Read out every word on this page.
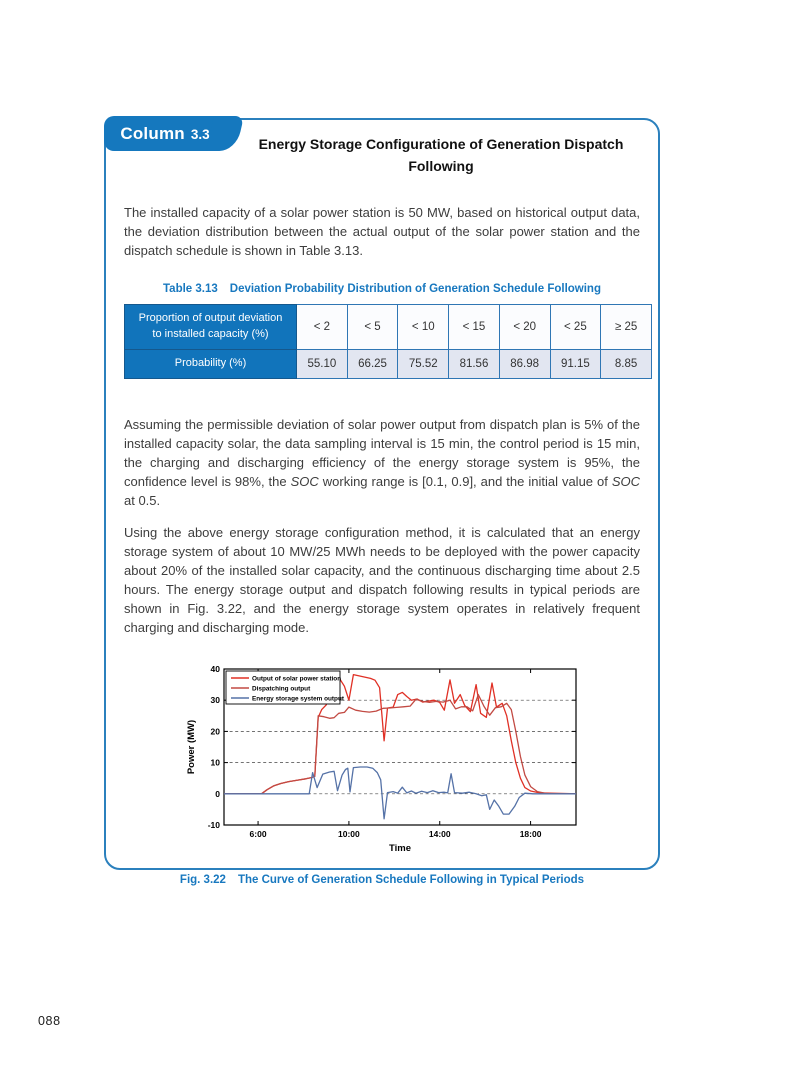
Column 3.3
Energy Storage Configuratione of Generation Dispatch
Following

The installed capacity of a solar power station is 50 MW, based on historical output data, the deviation distribution between the actual output of the solar power station and the dispatch schedule is shown in Table 3.13.

Table 3.13 Deviation Probability Distribution of Generation Schedule Following
Proportion of output deviation to installed capacity (%)	< 2	< 5	< 10	< 15	< 20	< 25	≥ 25
Probability (%)	55.10	66.25	75.52	81.56	86.98	91.15	8.85

Assuming the permissible deviation of solar power output from dispatch plan is 5% of the installed capacity solar, the data sampling interval is 15 min, the control period is 15 min, the charging and discharging efficiency of the energy storage system is 95%, the confidence level is 98%, the SOC working range is [0.1, 0.9], and the initial value of SOC at 0.5.

Using the above energy storage configuration method, it is calculated that an energy storage system of about 10 MW/25 MWh needs to be deployed with the power capacity about 20% of the installed solar capacity, and the continuous discharging time about 2.5 hours. The energy storage output and dispatch following results in typical periods are shown in Fig. 3.22, and the energy storage system operates in relatively frequent charging and discharging mode.

6:00	10:00	14:00	18:00
-10
0
10
20
30
40
Output of solar power station
Dispatching output
Energy storage system output
Power (MW)
Time
Fig. 3.22 The Curve of Generation Schedule Following in Typical Periods
088
